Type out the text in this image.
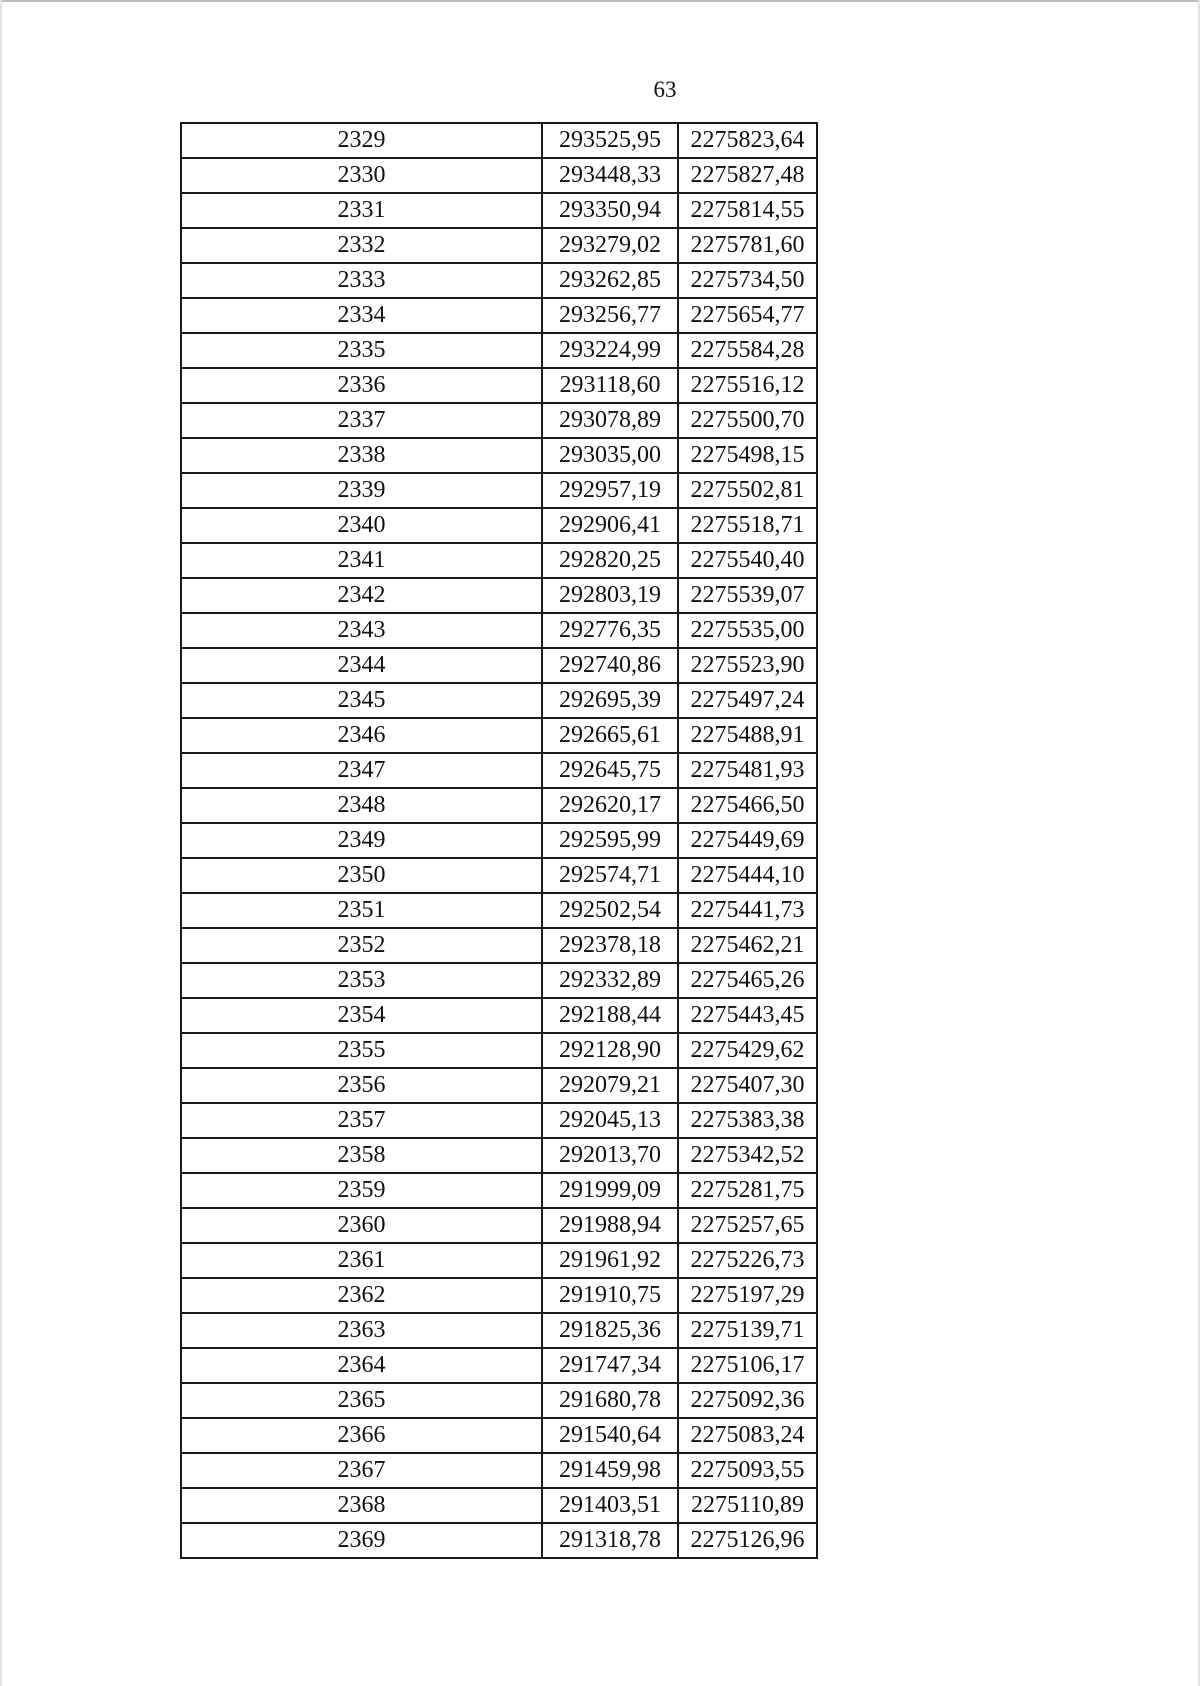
63
2329	293525,95	2275823,64
2330	293448,33	2275827,48
2331	293350,94	2275814,55
2332	293279,02	2275781,60
2333	293262,85	2275734,50
2334	293256,77	2275654,77
2335	293224,99	2275584,28
2336	293118,60	2275516,12
2337	293078,89	2275500,70
2338	293035,00	2275498,15
2339	292957,19	2275502,81
2340	292906,41	2275518,71
2341	292820,25	2275540,40
2342	292803,19	2275539,07
2343	292776,35	2275535,00
2344	292740,86	2275523,90
2345	292695,39	2275497,24
2346	292665,61	2275488,91
2347	292645,75	2275481,93
2348	292620,17	2275466,50
2349	292595,99	2275449,69
2350	292574,71	2275444,10
2351	292502,54	2275441,73
2352	292378,18	2275462,21
2353	292332,89	2275465,26
2354	292188,44	2275443,45
2355	292128,90	2275429,62
2356	292079,21	2275407,30
2357	292045,13	2275383,38
2358	292013,70	2275342,52
2359	291999,09	2275281,75
2360	291988,94	2275257,65
2361	291961,92	2275226,73
2362	291910,75	2275197,29
2363	291825,36	2275139,71
2364	291747,34	2275106,17
2365	291680,78	2275092,36
2366	291540,64	2275083,24
2367	291459,98	2275093,55
2368	291403,51	2275110,89
2369	291318,78	2275126,96
